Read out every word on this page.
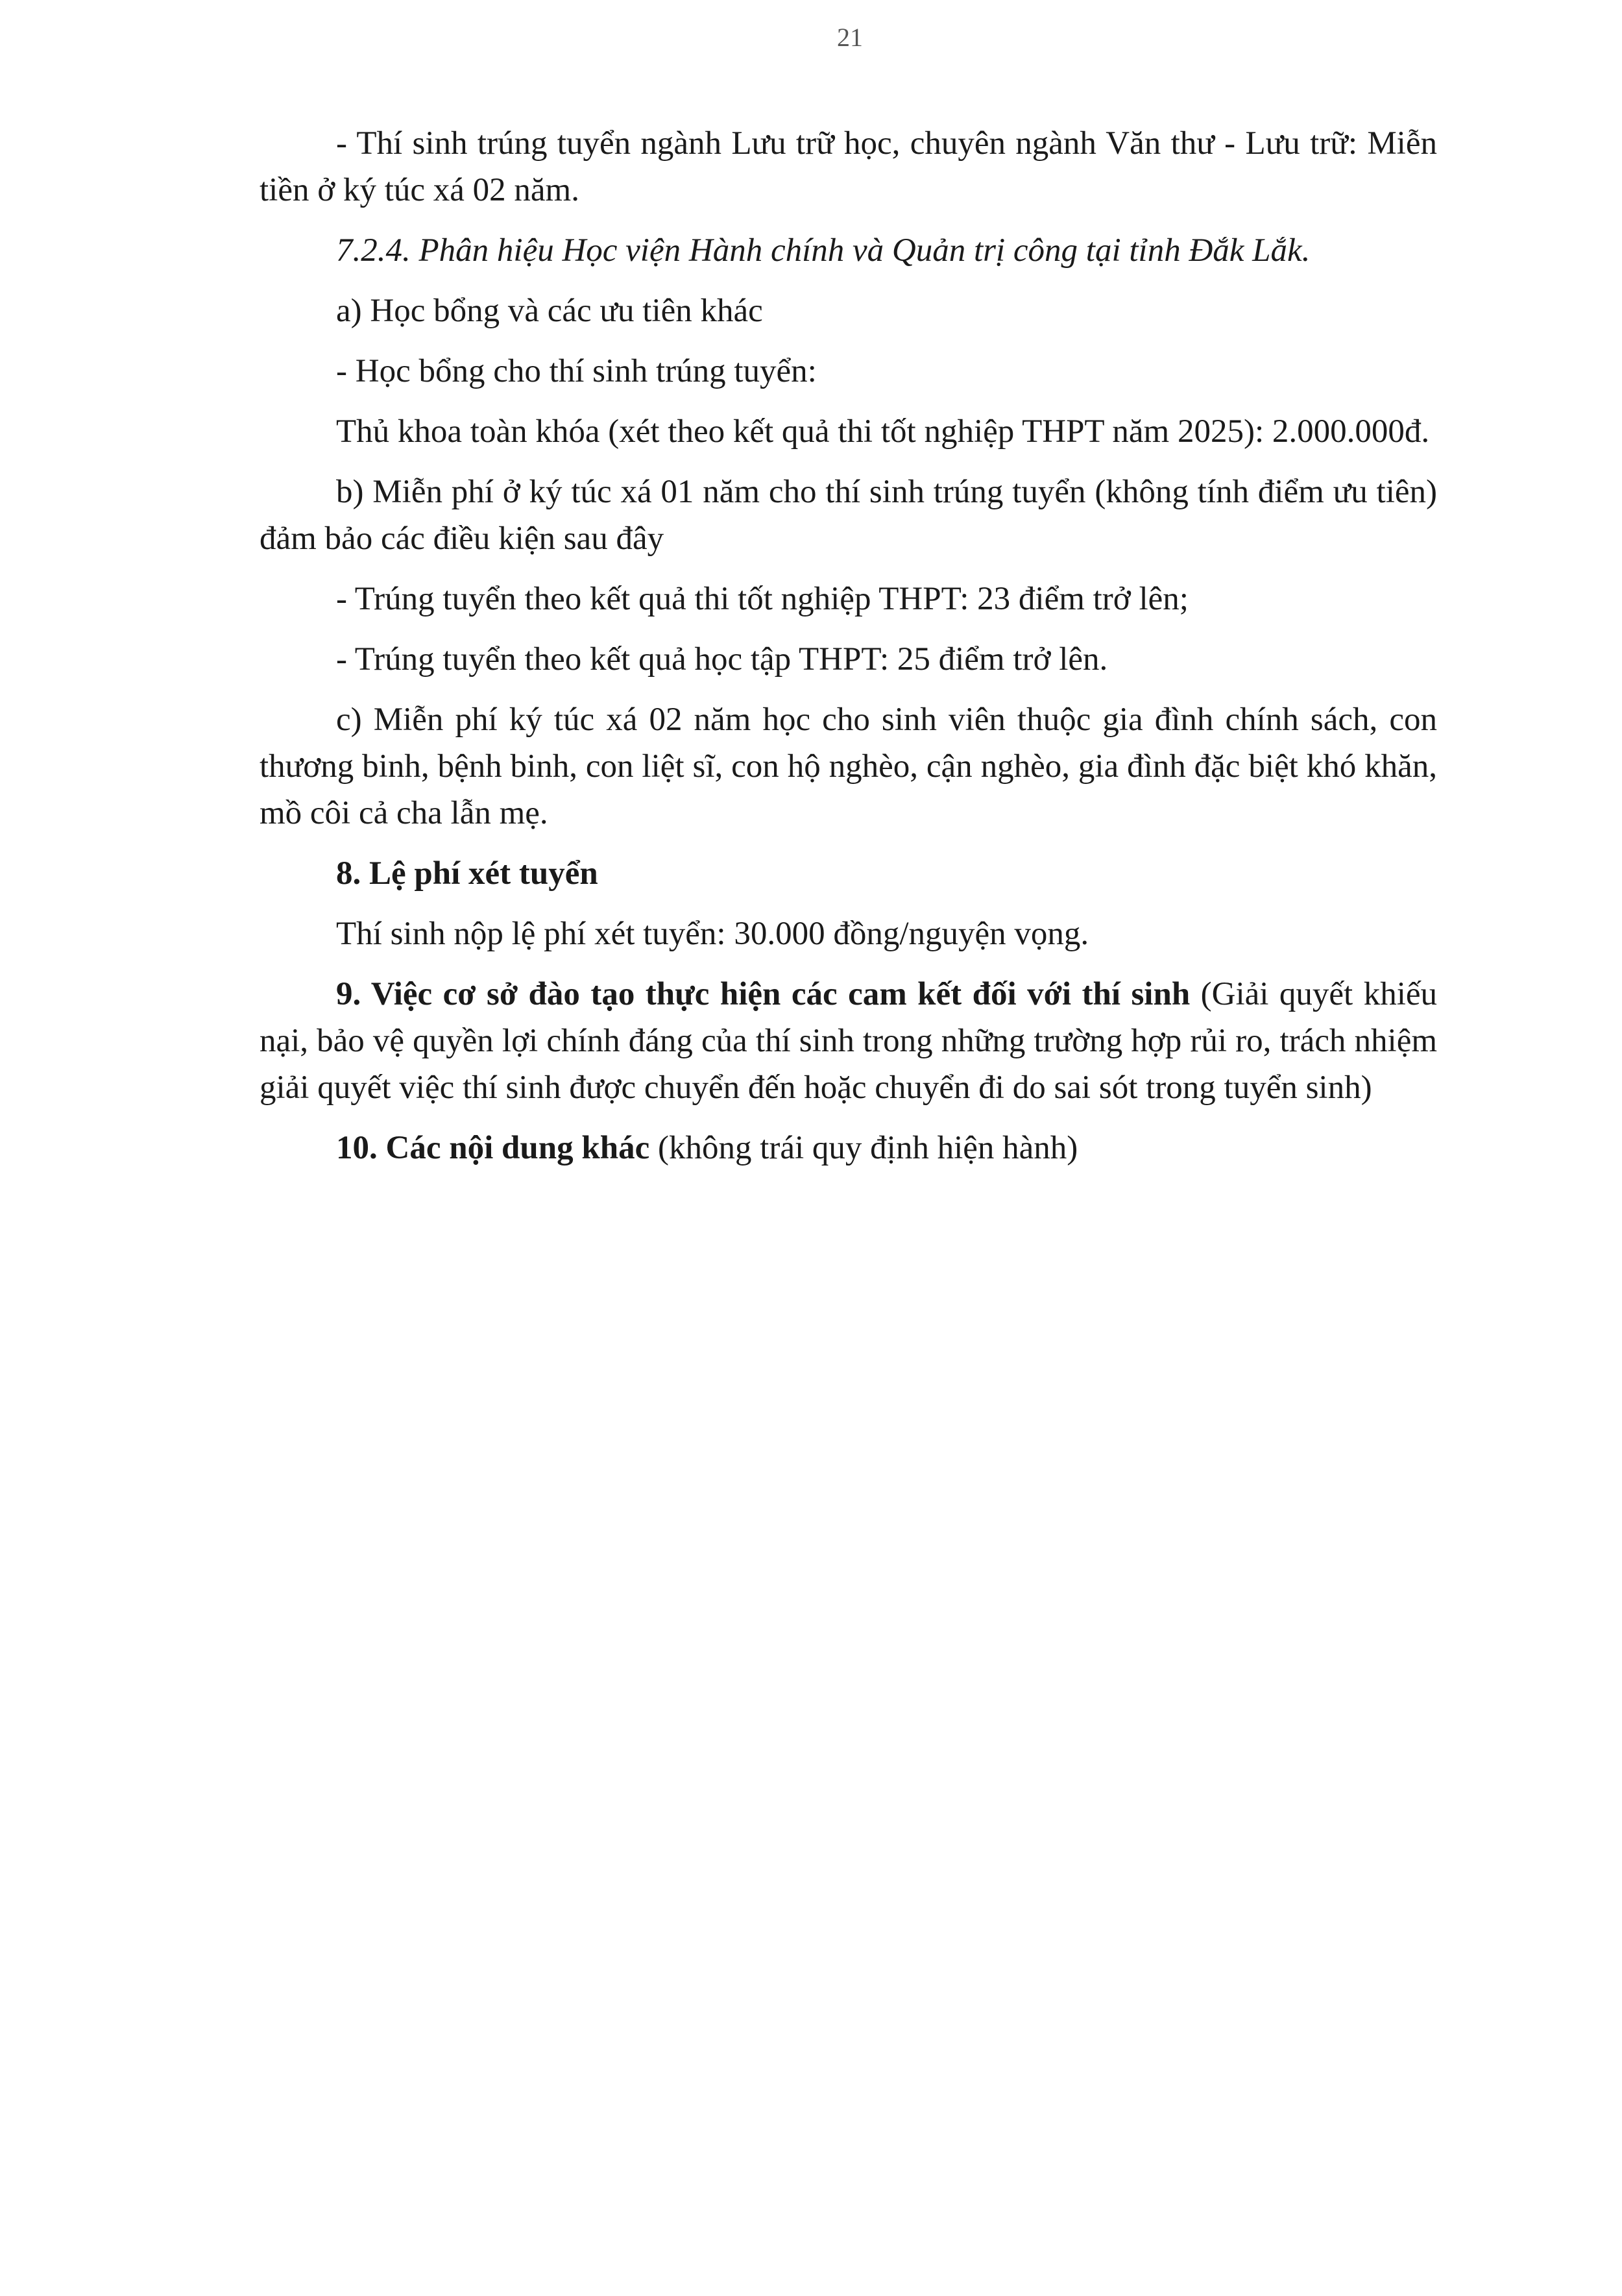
21

- Thí sinh trúng tuyển ngành Lưu trữ học, chuyên ngành Văn thư - Lưu trữ: Miễn tiền ở ký túc xá 02 năm.

7.2.4. Phân hiệu Học viện Hành chính và Quản trị công tại tỉnh Đắk Lắk.

a) Học bổng và các ưu tiên khác

- Học bổng cho thí sinh trúng tuyển:

Thủ khoa toàn khóa (xét theo kết quả thi tốt nghiệp THPT năm 2025): 2.000.000đ.

b) Miễn phí ở ký túc xá 01 năm cho thí sinh trúng tuyển (không tính điểm ưu tiên) đảm bảo các điều kiện sau đây

- Trúng tuyển theo kết quả thi tốt nghiệp THPT: 23 điểm trở lên;

- Trúng tuyển theo kết quả học tập THPT: 25 điểm trở lên.

c) Miễn phí ký túc xá 02 năm học cho sinh viên thuộc gia đình chính sách, con thương binh, bệnh binh, con liệt sĩ, con hộ nghèo, cận nghèo, gia đình đặc biệt khó khăn, mồ côi cả cha lẫn mẹ.

8. Lệ phí xét tuyển

Thí sinh nộp lệ phí xét tuyển: 30.000 đồng/nguyện vọng.

9. Việc cơ sở đào tạo thực hiện các cam kết đối với thí sinh (Giải quyết khiếu nại, bảo vệ quyền lợi chính đáng của thí sinh trong những trường hợp rủi ro, trách nhiệm giải quyết việc thí sinh được chuyển đến hoặc chuyển đi do sai sót trong tuyển sinh)

10. Các nội dung khác (không trái quy định hiện hành)
